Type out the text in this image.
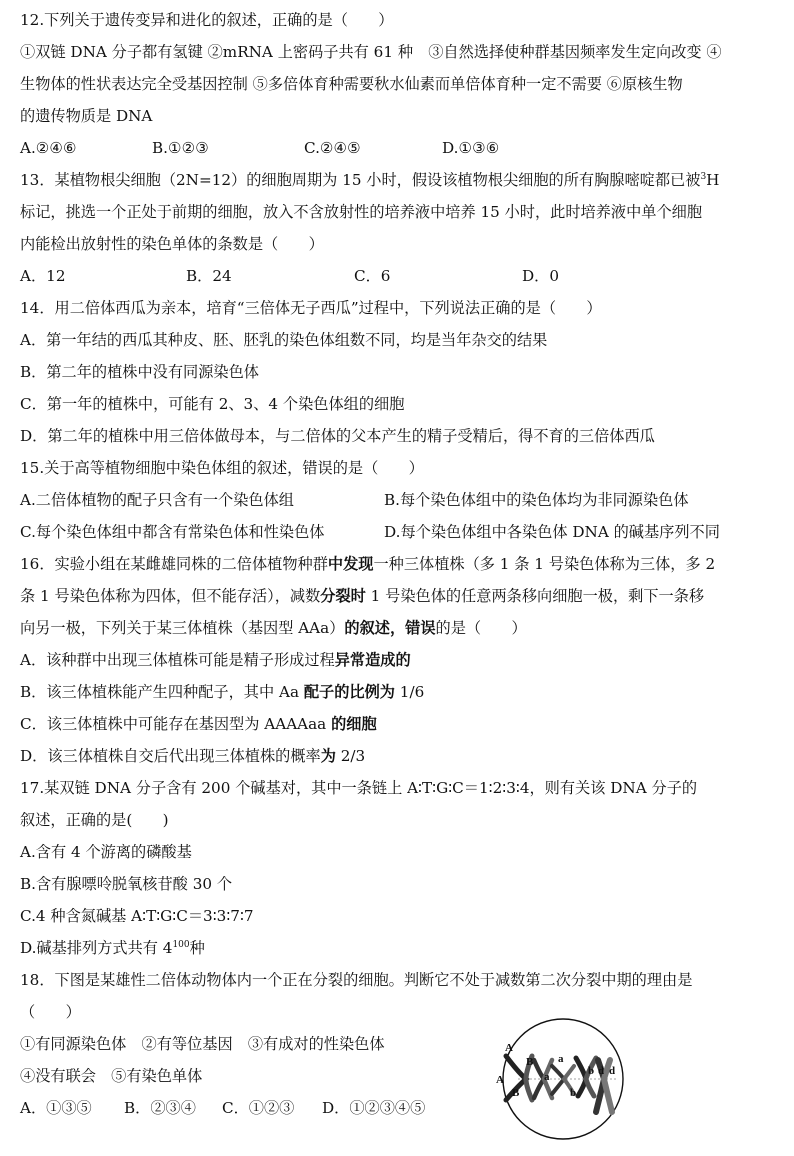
12.下列关于遗传变异和进化的叙述，正确的是（　　）
①双链 DNA 分子都有氢键 ②mRNA 上密码子共有 61 种　③自然选择使种群基因频率发生定向改变 ④
生物体的性状表达完全受基因控制 ⑤多倍体育种需要秋水仙素而单倍体育种一定不需要 ⑥原核生物
的遗传物质是 DNA
A.②④⑥	B.①②③	C.②④⑤	D.①③⑥
13．某植物根尖细胞（2N=12）的细胞周期为 15 小时，假设该植物根尖细胞的所有胸腺嘧啶都已被$^3$H
标记，挑选一个正处于前期的细胞，放入不含放射性的培养液中培养 15 小时，此时培养液中单个细胞
内能检出放射性的染色单体的条数是（　　）
A．12	B．24	C．6	D．0
14．用二倍体西瓜为亲本，培育“三倍体无子西瓜”过程中，下列说法正确的是（　　）
A．第一年结的西瓜其种皮、胚、胚乳的染色体组数不同，均是当年杂交的结果
B．第二年的植株中没有同源染色体
C．第一年的植株中，可能有 2、3、4 个染色体组的细胞
D．第二年的植株中用三倍体做母本，与二倍体的父本产生的精子受精后，得不育的三倍体西瓜
15.关于高等植物细胞中染色体组的叙述，错误的是（　　）
A.二倍体植物的配子只含有一个染色体组	B.每个染色体组中的染色体均为非同源染色体
C.每个染色体组中都含有常染色体和性染色体	D.每个染色体组中各染色体 DNA 的碱基序列不同
16．实验小组在某雌雄同株的二倍体植物种群中发现一种三体植株（多 1 条 1 号染色体称为三体，多 2
条 1 号染色体称为四体，但不能存活），减数分裂时 1 号染色体的任意两条移向细胞一极，剩下一条移
向另一极，下列关于某三体植株（基因型 AAa）的叙述，错误的是（　　）
A．该种群中出现三体植株可能是精子形成过程异常造成的
B．该三体植株能产生四种配子，其中 Aa 配子的比例为 1/6
C．该三体植株中可能存在基因型为 AAAAaa 的细胞
D．该三体植株自交后代出现三体植株的概率为 2/3
17.某双链 DNA 分子含有 200 个碱基对，其中一条链上 A∶T∶G∶C＝1∶2∶3∶4，则有关该 DNA 分子的
叙述，正确的是(　　)
A.含有 4 个游离的磷酸基
B.含有腺嘌呤脱氧核苷酸 30 个
C.4 种含氮碱基 A∶T∶G∶C＝3∶3∶7∶7
D.碱基排列方式共有 $4^{100}$种
18．下图是某雄性二倍体动物体内一个正在分裂的细胞。判断它不处于减数第二次分裂中期的理由是
（　　）
①有同源染色体　②有等位基因　③有成对的性染色体
④没有联会　⑤有染色单体
A．①③⑤ B．②③④ C．①②③ D．①②③④⑤
A
B
A
B
a
a	b d d
b
